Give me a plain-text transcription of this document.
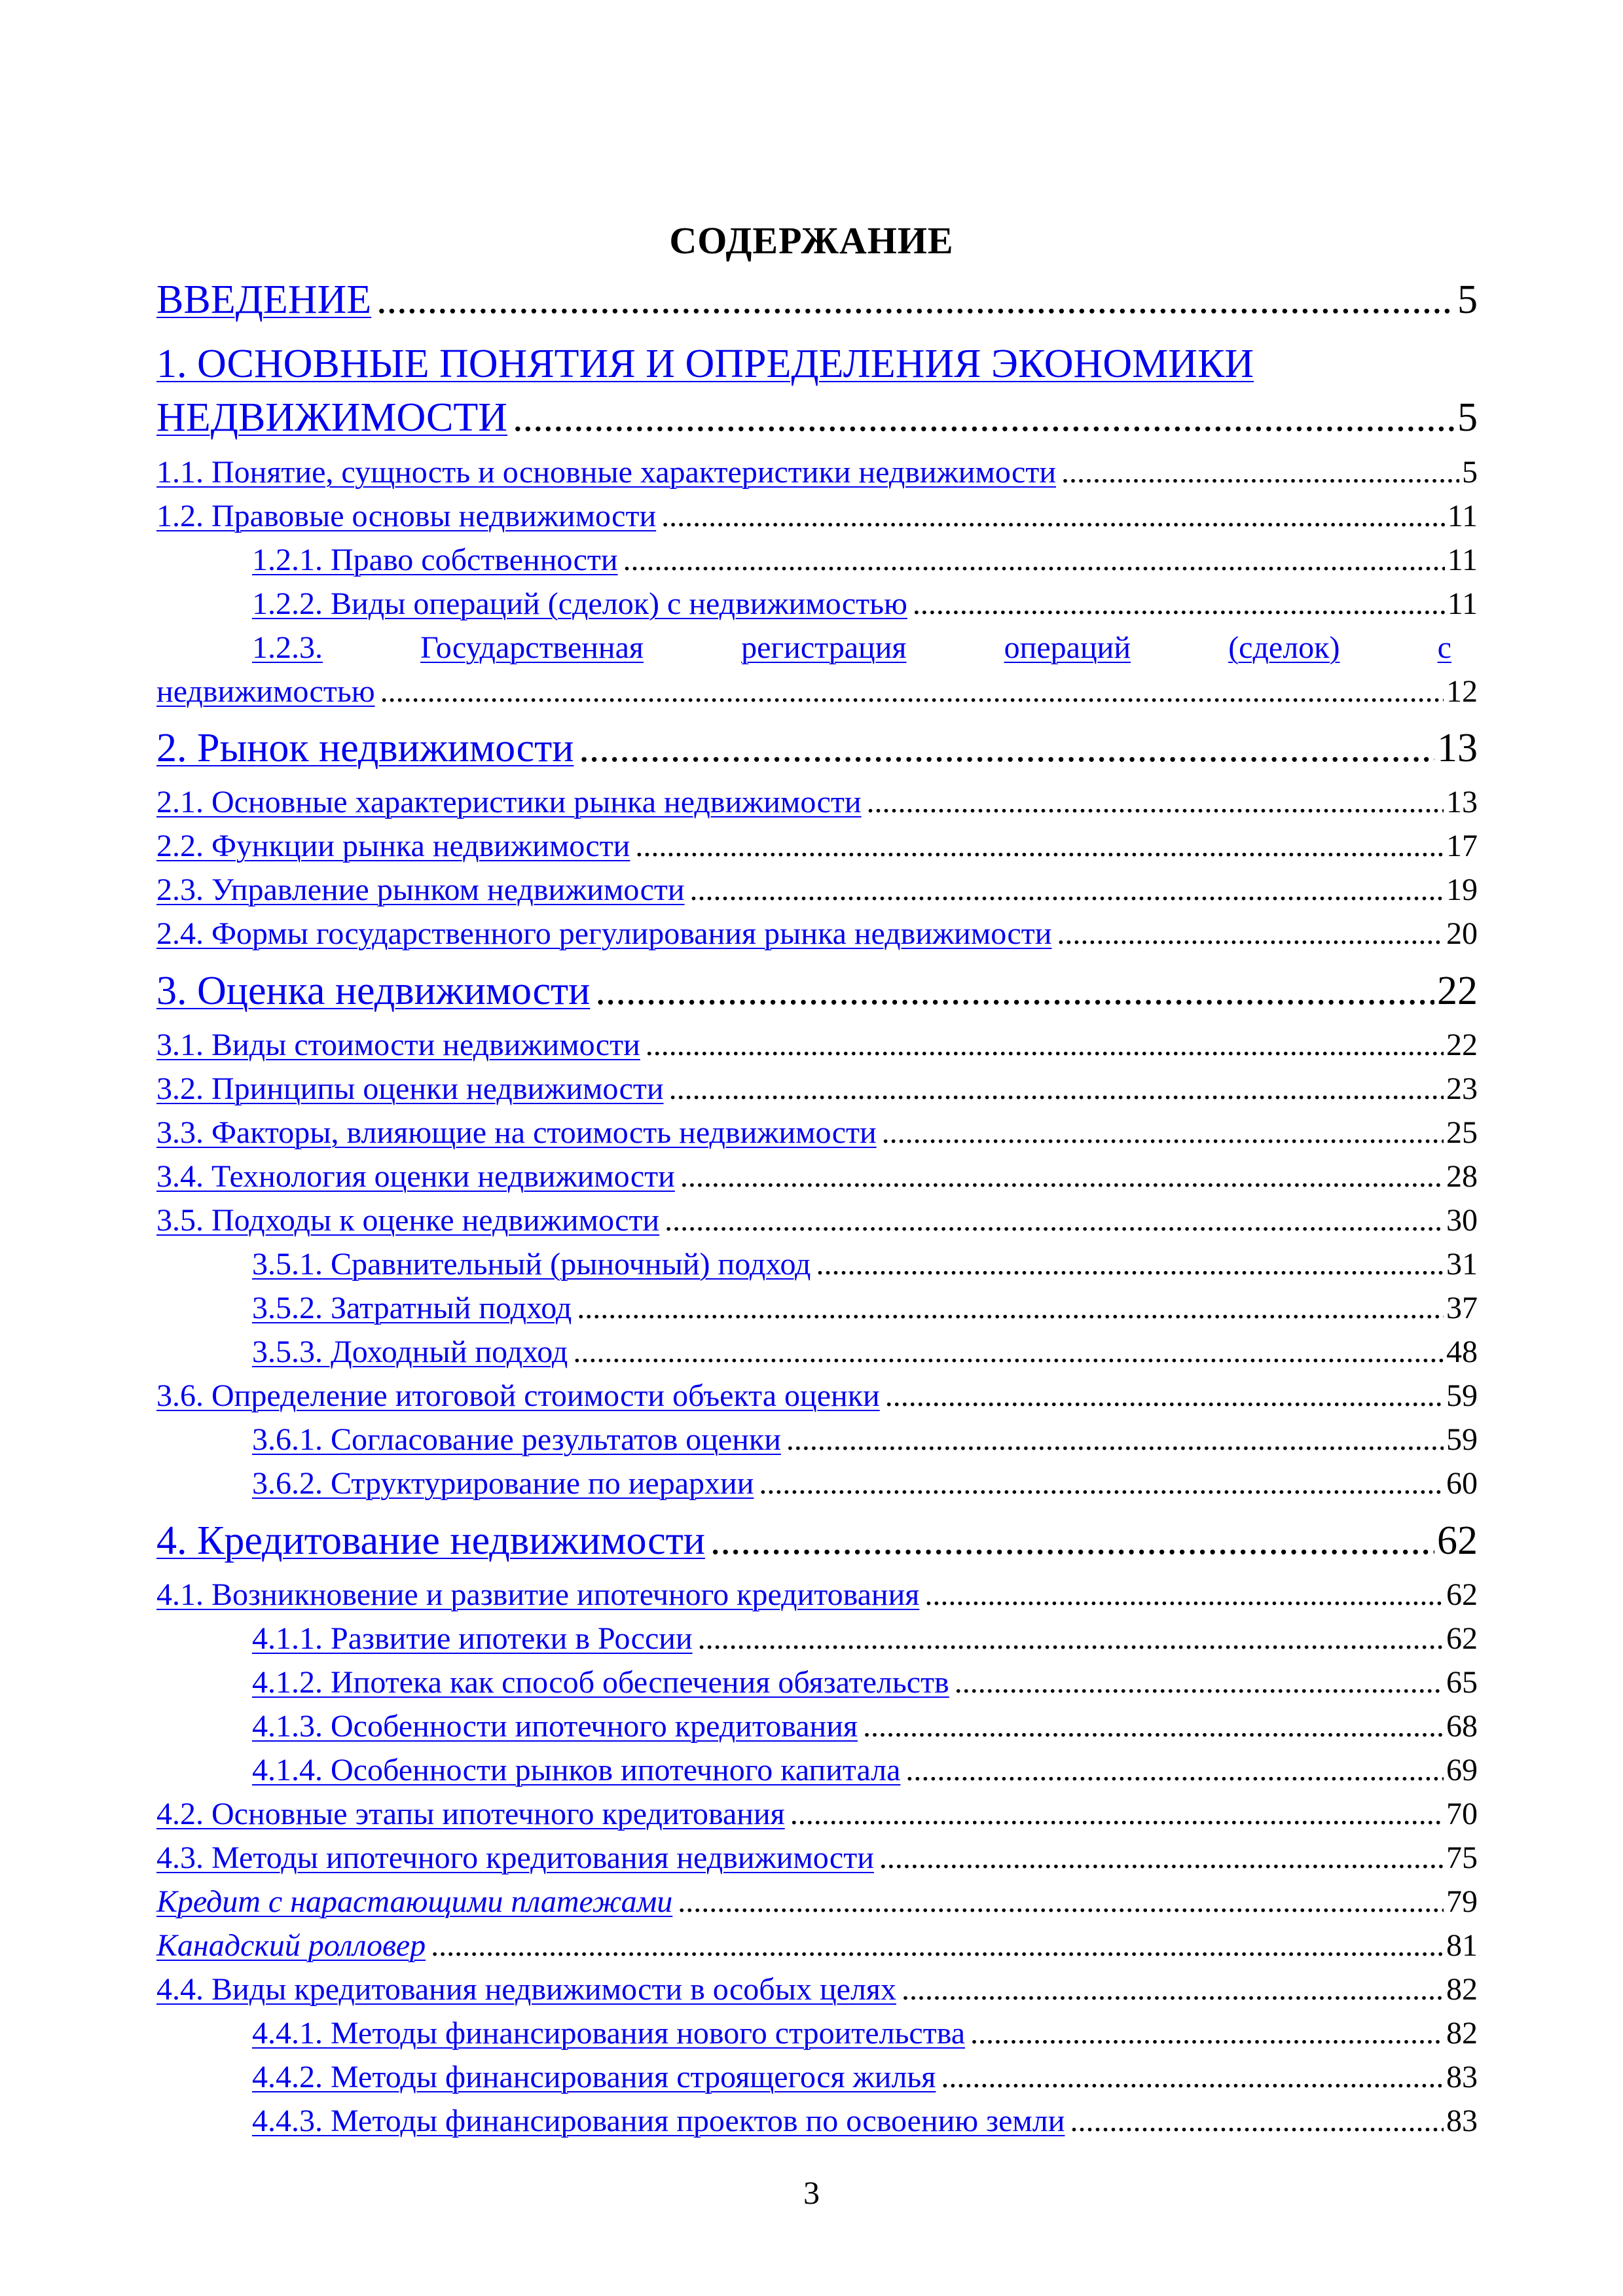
СОДЕРЖАНИЕ
ВВЕДЕНИЕ .....	5
1. ОСНОВНЫЕ ПОНЯТИЯ И ОПРЕДЕЛЕНИЯ ЭКОНОМИКИ
НЕДВИЖИМОСТИ .....	5
1.1. Понятие, сущность и основные характеристики недвижимости .....	5
1.2. Правовые основы недвижимости .....	11
1.2.1. Право собственности .....	11
1.2.2. Виды операций (сделок) с недвижимостью .....	11
1.2.3.	Государственная	регистрация	операций	(сделок)	с
недвижимостью .....	12
2. Рынок недвижимости .....	13
2.1. Основные характеристики рынка недвижимости .....	13
2.2. Функции рынка недвижимости .....	17
2.3. Управление рынком недвижимости .....	19
2.4. Формы государственного регулирования рынка недвижимости .....	20
3. Оценка недвижимости .....	22
3.1. Виды стоимости недвижимости .....	22
3.2. Принципы оценки недвижимости .....	23
3.3. Факторы, влияющие на стоимость недвижимости .....	25
3.4. Технология оценки недвижимости .....	28
3.5. Подходы к оценке недвижимости .....	30
3.5.1. Сравнительный (рыночный) подход .....	31
3.5.2. Затратный подход .....	37
3.5.3. Доходный подход .....	48
3.6. Определение итоговой стоимости объекта оценки .....	59
3.6.1. Согласование результатов оценки .....	59
3.6.2. Структурирование по иерархии .....	60
4. Кредитование недвижимости .....	62
4.1. Возникновение и развитие ипотечного кредитования .....	62
4.1.1. Развитие ипотеки в России .....	62
4.1.2. Ипотека как способ обеспечения обязательств .....	65
4.1.3. Особенности ипотечного кредитования .....	68
4.1.4. Особенности рынков ипотечного капитала .....	69
4.2. Основные этапы ипотечного кредитования .....	70
4.3. Методы ипотечного кредитования недвижимости .....	75
Кредит с нарастающими платежами .....	79
Канадский ролловер .....	81
4.4. Виды кредитования недвижимости в особых целях .....	82
4.4.1. Методы финансирования нового строительства .....	82
4.4.2. Методы финансирования строящегося жилья .....	83
4.4.3. Методы финансирования проектов по освоению земли .....	83
3
